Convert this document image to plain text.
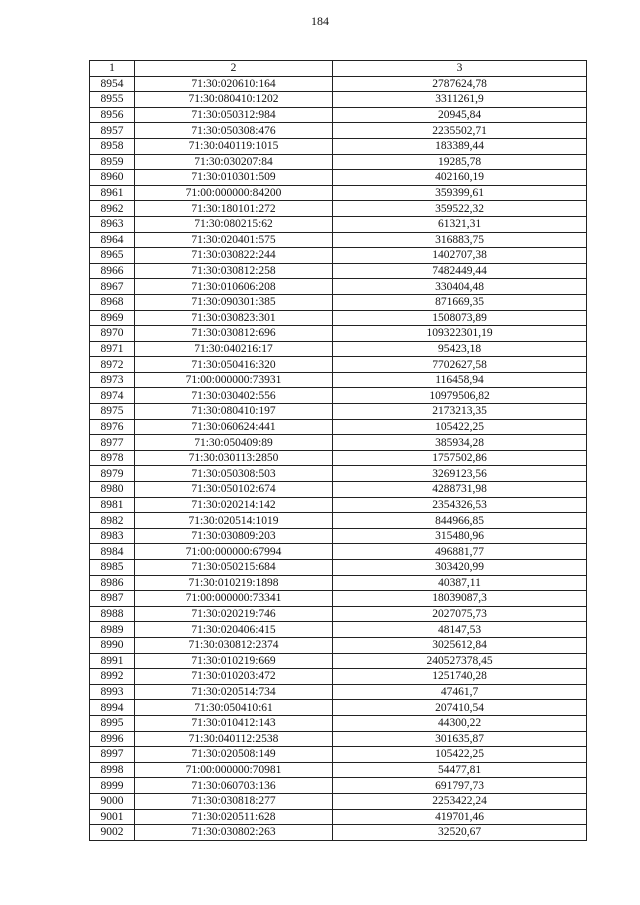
184
1	2	3
8954	71:30:020610:164	2787624,78
8955	71:30:080410:1202	3311261,9
8956	71:30:050312:984	20945,84
8957	71:30:050308:476	2235502,71
8958	71:30:040119:1015	183389,44
8959	71:30:030207:84	19285,78
8960	71:30:010301:509	402160,19
8961	71:00:000000:84200	359399,61
8962	71:30:180101:272	359522,32
8963	71:30:080215:62	61321,31
8964	71:30:020401:575	316883,75
8965	71:30:030822:244	1402707,38
8966	71:30:030812:258	7482449,44
8967	71:30:010606:208	330404,48
8968	71:30:090301:385	871669,35
8969	71:30:030823:301	1508073,89
8970	71:30:030812:696	109322301,19
8971	71:30:040216:17	95423,18
8972	71:30:050416:320	7702627,58
8973	71:00:000000:73931	116458,94
8974	71:30:030402:556	10979506,82
8975	71:30:080410:197	2173213,35
8976	71:30:060624:441	105422,25
8977	71:30:050409:89	385934,28
8978	71:30:030113:2850	1757502,86
8979	71:30:050308:503	3269123,56
8980	71:30:050102:674	4288731,98
8981	71:30:020214:142	2354326,53
8982	71:30:020514:1019	844966,85
8983	71:30:030809:203	315480,96
8984	71:00:000000:67994	496881,77
8985	71:30:050215:684	303420,99
8986	71:30:010219:1898	40387,11
8987	71:00:000000:73341	18039087,3
8988	71:30:020219:746	2027075,73
8989	71:30:020406:415	48147,53
8990	71:30:030812:2374	3025612,84
8991	71:30:010219:669	240527378,45
8992	71:30:010203:472	1251740,28
8993	71:30:020514:734	47461,7
8994	71:30:050410:61	207410,54
8995	71:30:010412:143	44300,22
8996	71:30:040112:2538	301635,87
8997	71:30:020508:149	105422,25
8998	71:00:000000:70981	54477,81
8999	71:30:060703:136	691797,73
9000	71:30:030818:277	2253422,24
9001	71:30:020511:628	419701,46
9002	71:30:030802:263	32520,67
